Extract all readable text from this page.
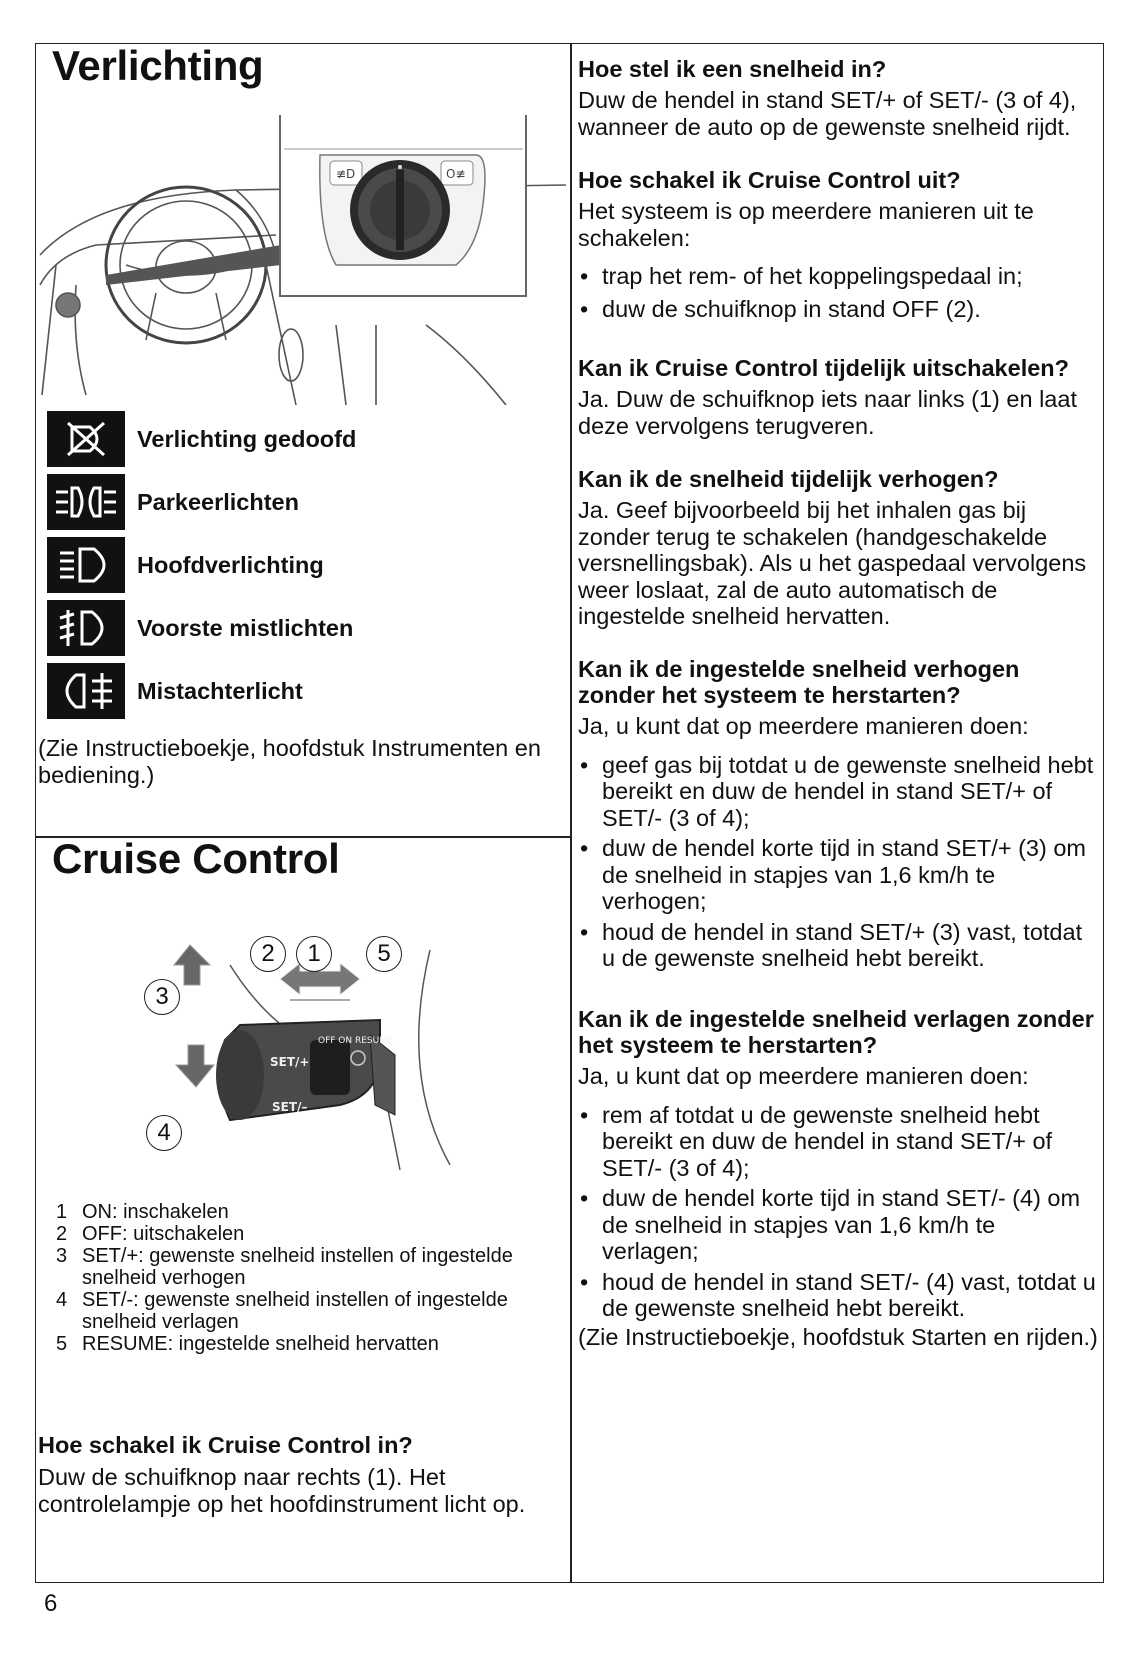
Verlichting
≢D	O≢
Verlichting gedoofd
Parkeerlichten
Hoofdverlichting
Voorste mistlichten
Mistachterlicht

(Zie Instructieboekje, hoofdstuk Instrumenten en bediening.)

Cruise Control
SET/+
SET/–
OFF ON RESUME
2	1	5
3
4
1 ON: inschakelen
2 OFF: uitschakelen
3 SET/+: gewenste snelheid instellen of ingestelde snelheid verhogen
4 SET/-: gewenste snelheid instellen of ingestelde snelheid verlagen
5 RESUME: ingestelde snelheid hervatten

Hoe schakel ik Cruise Control in?

Duw de schuifknop naar rechts (1). Het controlelampje op het hoofdinstrument licht op.

Hoe stel ik een snelheid in?

Duw de hendel in stand SET/+ of SET/- (3 of 4), wanneer de auto op de gewenste snelheid rijdt.

Hoe schakel ik Cruise Control uit?

Het systeem is op meerdere manieren uit te schakelen:

• trap het rem- of het koppelingspedaal in;
• duw de schuifknop in stand OFF (2).

Kan ik Cruise Control tijdelijk uitschakelen?

Ja. Duw de schuifknop iets naar links (1) en laat deze vervolgens terugveren.

Kan ik de snelheid tijdelijk verhogen?

Ja. Geef bijvoorbeeld bij het inhalen gas bij zonder terug te schakelen (handgeschakelde versnellingsbak). Als u het gaspedaal vervolgens weer loslaat, zal de auto automatisch de ingestelde snelheid hervatten.

Kan ik de ingestelde snelheid verhogen zonder het systeem te herstarten?

Ja, u kunt dat op meerdere manieren doen:

• geef gas bij totdat u de gewenste snelheid hebt bereikt en duw de hendel in stand SET/+ of SET/- (3 of 4);
• duw de hendel korte tijd in stand SET/+ (3) om de snelheid in stapjes van 1,6 km/h te verhogen;
• houd de hendel in stand SET/+ (3) vast, totdat u de gewenste snelheid hebt bereikt.

Kan ik de ingestelde snelheid verlagen zonder het systeem te herstarten?

Ja, u kunt dat op meerdere manieren doen:

• rem af totdat u de gewenste snelheid hebt bereikt en duw de hendel in stand SET/+ of SET/- (3 of 4);
• duw de hendel korte tijd in stand SET/- (4) om de snelheid in stapjes van 1,6 km/h te verlagen;
• houd de hendel in stand SET/- (4) vast, totdat u de gewenste snelheid hebt bereikt.

(Zie Instructieboekje, hoofdstuk Starten en rijden.)

6
